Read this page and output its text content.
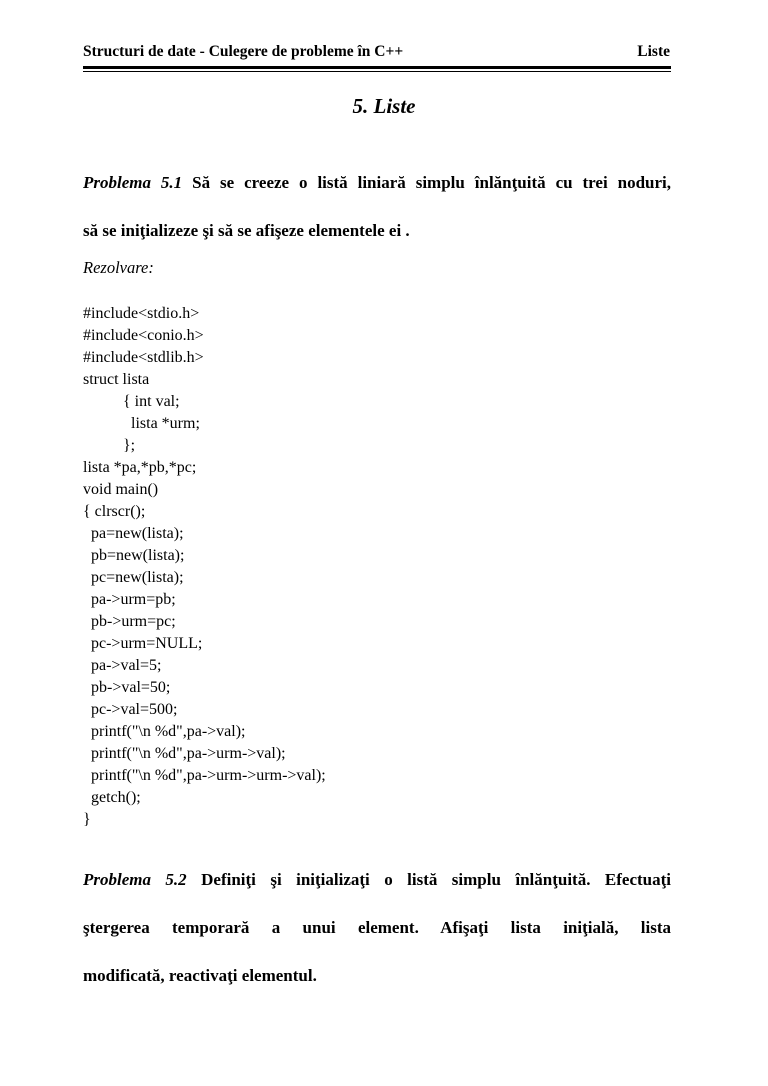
Structuri de date - Culegere de probleme în C++	Liste
5. Liste
Problema 5.1 Să se creeze o listă liniară simplu înlănţuită cu trei noduri,
să se iniţializeze şi să se afişeze elementele ei .
Rezolvare:
#include<stdio.h>
#include<conio.h>
#include<stdlib.h>
struct lista
{ int val;
lista *urm;
};
lista *pa,*pb,*pc;
void main()
{ clrscr();
pa=new(lista);
pb=new(lista);
pc=new(lista);
pa->urm=pb;
pb->urm=pc;
pc->urm=NULL;
pa->val=5;
pb->val=50;
pc->val=500;
printf("\n %d",pa->val);
printf("\n %d",pa->urm->val);
printf("\n %d",pa->urm->urm->val);
getch();
}
Problema 5.2 Definiţi şi iniţializaţi o listă simplu înlănţuită. Efectuaţi
ştergerea temporară a unui element. Afişaţi lista iniţială, lista
modificată, reactivaţi elementul.
